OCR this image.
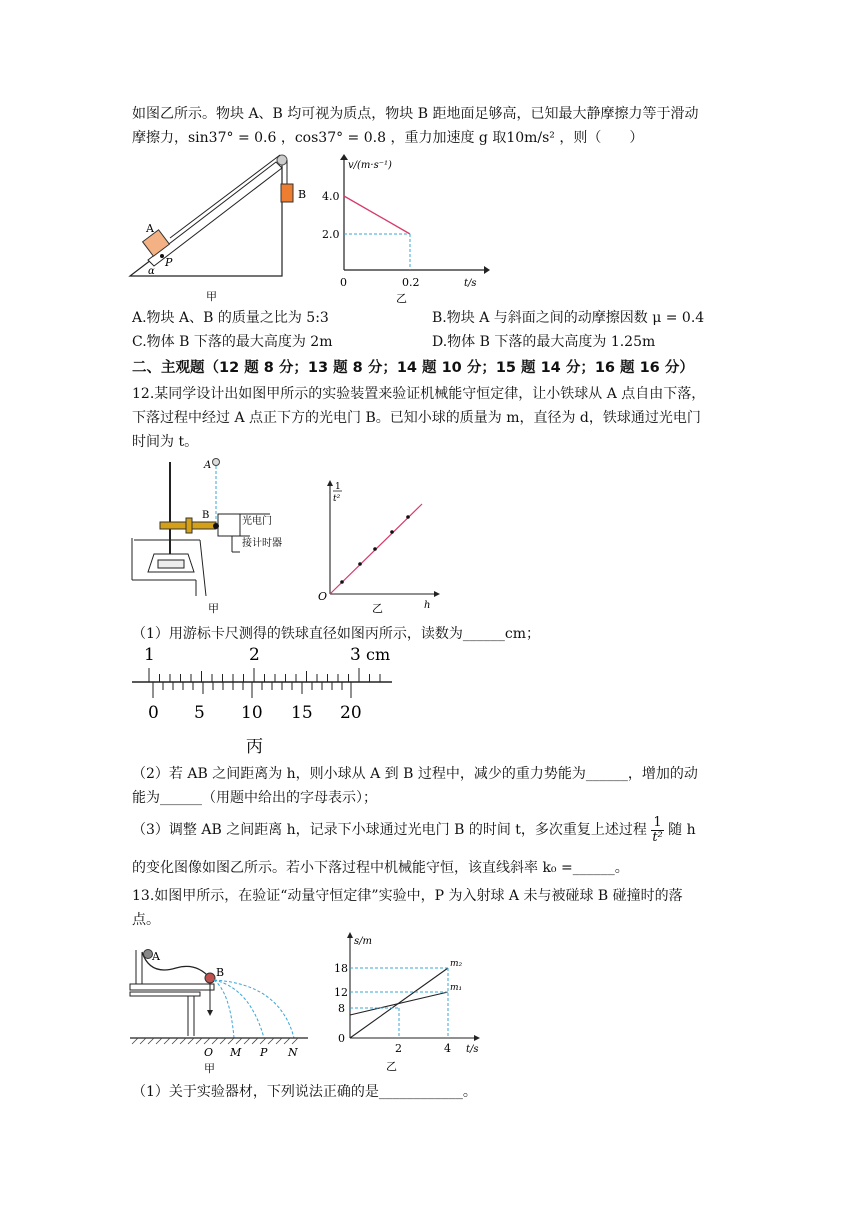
如图乙所示。物块 A、B 均可视为质点，物块 B 距地面足够高，已知最大静摩擦力等于滑动
摩擦力，sin37° = 0.6 ，cos37° = 0.8 ，重力加速度 g 取10m/s² ，则（　　）
A
B
P
α
甲
v/(m·s⁻¹)
4.0
2.0
0	0.2	t/s
乙
A.物块 A、B 的质量之比为 5:3	B.物块 A 与斜面之间的动摩擦因数 μ = 0.4
C.物体 B 下落的最大高度为 2m	D.物体 B 下落的最大高度为 1.25m
二、主观题（12 题 8 分；13 题 8 分；14 题 10 分；15 题 14 分；16 题 16 分）
12.某同学设计出如图甲所示的实验装置来验证机械能守恒定律，让小铁球从 A 点自由下落，
下落过程中经过 A 点正下方的光电门 B。已知小球的质量为 m，直径为 d，铁球通过光电门
时间为 t。
A
B
光电门
接计时器
甲
1
t²
O
h
乙
（1）用游标卡尺测得的铁球直径如图丙所示，读数为______cm；
1	2	3 cm
0 5 10 15 20
丙
（2）若 AB 之间距离为 h，则小球从 A 到 B 过程中，减少的重力势能为______，增加的动
能为______（用题中给出的字母表示）；
（3）调整 AB 之间距离 h，记录下小球通过光电门 B 的时间 t，多次重复上述过程 $\frac{1}{\text{t²}}$ 随 h
的变化图像如图乙所示。若小下落过程中机械能守恒，该直线斜率 k₀ =______。
13.如图甲所示，在验证“动量守恒定律”实验中，P 为入射球 A 未与被碰球 B 碰撞时的落
点。
A
B
O M P N
甲
s/m
18
12
8
0
2	4 t/s
m₂
m₁
乙
（1）关于实验器材，下列说法正确的是____________。
